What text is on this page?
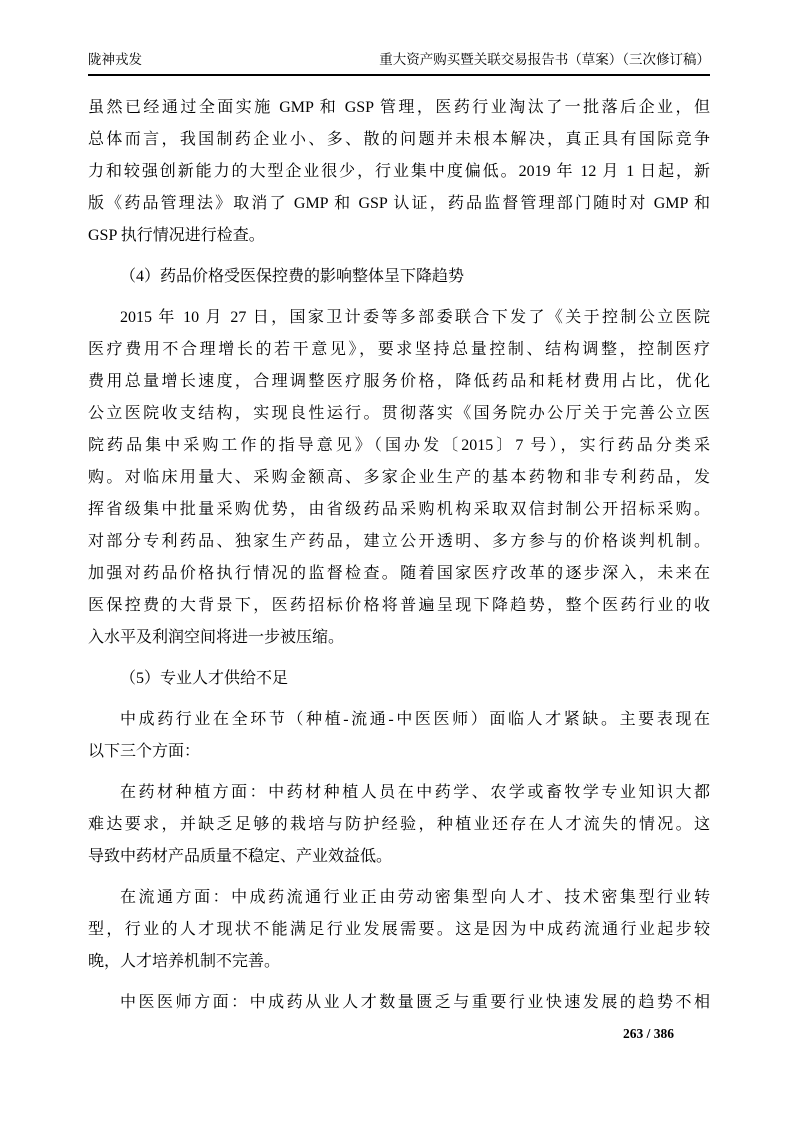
陇神戎发	重大资产购买暨关联交易报告书（草案）（三次修订稿）
虽然已经通过全面实施 GMP 和 GSP 管理，医药行业淘汰了一批落后企业，但
总体而言，我国制药企业小、多、散的问题并未根本解决，真正具有国际竞争
力和较强创新能力的大型企业很少，行业集中度偏低。2019 年 12 月 1 日起，新
版《药品管理法》取消了 GMP 和 GSP 认证，药品监督管理部门随时对 GMP 和
GSP 执行情况进行检查。
（4）药品价格受医保控费的影响整体呈下降趋势
2015 年 10 月 27 日，国家卫计委等多部委联合下发了《关于控制公立医院
医疗费用不合理增长的若干意见》，要求坚持总量控制、结构调整，控制医疗
费用总量增长速度，合理调整医疗服务价格，降低药品和耗材费用占比，优化
公立医院收支结构，实现良性运行。贯彻落实《国务院办公厅关于完善公立医
院药品集中采购工作的指导意见》（国办发〔2015〕7 号），实行药品分类采
购。对临床用量大、采购金额高、多家企业生产的基本药物和非专利药品，发
挥省级集中批量采购优势，由省级药品采购机构采取双信封制公开招标采购。
对部分专利药品、独家生产药品，建立公开透明、多方参与的价格谈判机制。
加强对药品价格执行情况的监督检查。随着国家医疗改革的逐步深入，未来在
医保控费的大背景下，医药招标价格将普遍呈现下降趋势，整个医药行业的收
入水平及利润空间将进一步被压缩。
（5）专业人才供给不足
中成药行业在全环节（种植-流通-中医医师）面临人才紧缺。主要表现在
以下三个方面：
在药材种植方面：中药材种植人员在中药学、农学或畜牧学专业知识大都
难达要求，并缺乏足够的栽培与防护经验，种植业还存在人才流失的情况。这
导致中药材产品质量不稳定、产业效益低。
在流通方面：中成药流通行业正由劳动密集型向人才、技术密集型行业转
型，行业的人才现状不能满足行业发展需要。这是因为中成药流通行业起步较
晚，人才培养机制不完善。
中医医师方面：中成药从业人才数量匮乏与重要行业快速发展的趋势不相
263 / 386
